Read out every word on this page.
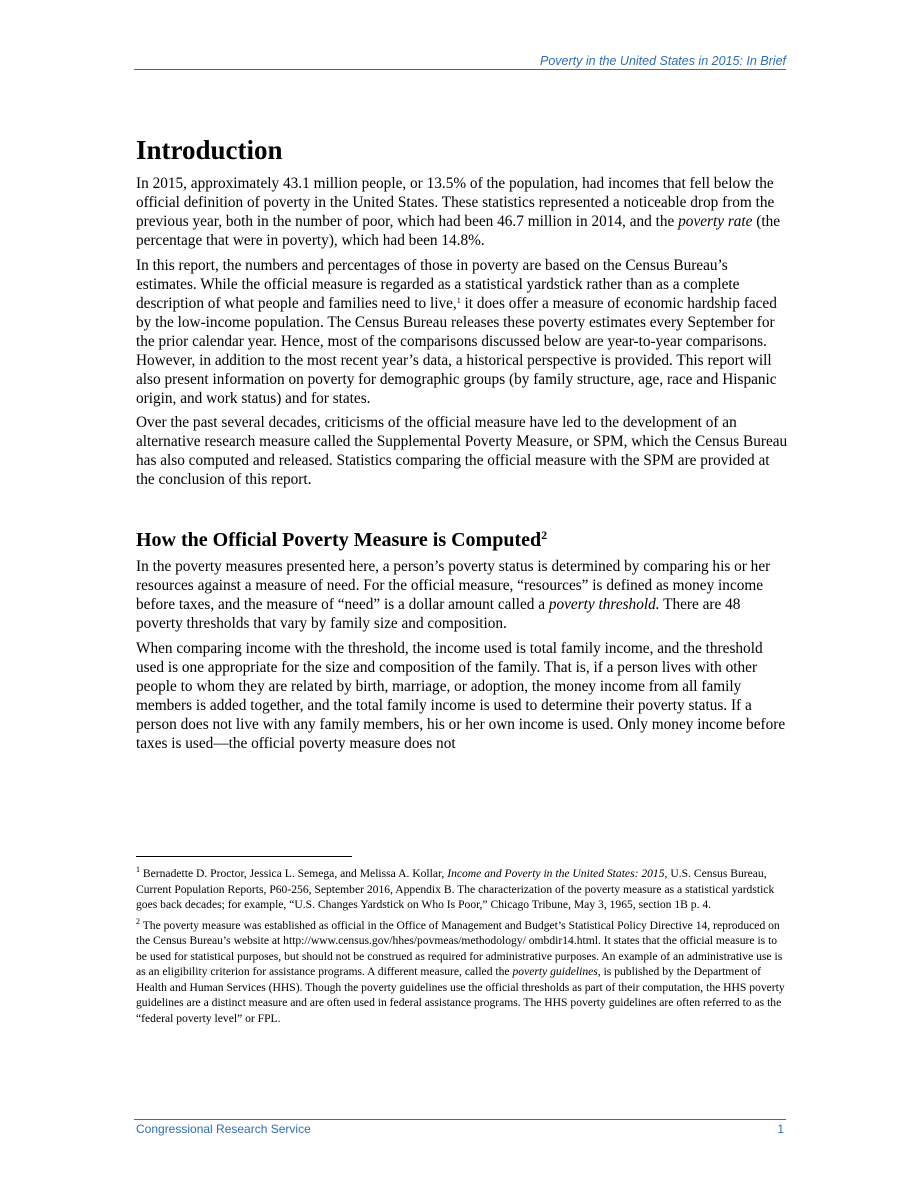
Poverty in the United States in 2015: In Brief
Introduction

In 2015, approximately 43.1 million people, or 13.5% of the population, had incomes that fell below the official definition of poverty in the United States. These statistics represented a noticeable drop from the previous year, both in the number of poor, which had been 46.7 million in 2014, and the poverty rate (the percentage that were in poverty), which had been 14.8%.

In this report, the numbers and percentages of those in poverty are based on the Census Bureau’s estimates. While the official measure is regarded as a statistical yardstick rather than as a complete description of what people and families need to live,$^1$ it does offer a measure of economic hardship faced by the low-income population. The Census Bureau releases these poverty estimates every September for the prior calendar year. Hence, most of the comparisons discussed below are year-to-year comparisons. However, in addition to the most recent year’s data, a historical perspective is provided. This report will also present information on poverty for demographic groups (by family structure, age, race and Hispanic origin, and work status) and for states.

Over the past several decades, criticisms of the official measure have led to the development of an alternative research measure called the Supplemental Poverty Measure, or SPM, which the Census Bureau has also computed and released. Statistics comparing the official measure with the SPM are provided at the conclusion of this report.

How the Official Poverty Measure is Computed$^2$

In the poverty measures presented here, a person’s poverty status is determined by comparing his or her resources against a measure of need. For the official measure, “resources” is defined as money income before taxes, and the measure of “need” is a dollar amount called a poverty threshold. There are 48 poverty thresholds that vary by family size and composition.

When comparing income with the threshold, the income used is total family income, and the threshold used is one appropriate for the size and composition of the family. That is, if a person lives with other people to whom they are related by birth, marriage, or adoption, the money income from all family members is added together, and the total family income is used to determine their poverty status. If a person does not live with any family members, his or her own income is used. Only money income before taxes is used—the official poverty measure does not

$^1$ Bernadette D. Proctor, Jessica L. Semega, and Melissa A. Kollar, Income and Poverty in the United States: 2015, U.S. Census Bureau, Current Population Reports, P60-256, September 2016, Appendix B. The characterization of the poverty measure as a statistical yardstick goes back decades; for example, “U.S. Changes Yardstick on Who Is Poor,” Chicago Tribune, May 3, 1965, section 1B p. 4.

$^2$ The poverty measure was established as official in the Office of Management and Budget’s Statistical Policy Directive 14, reproduced on the Census Bureau’s website at http://www.census.gov/hhes/povmeas/methodology/ ombdir14.html. It states that the official measure is to be used for statistical purposes, but should not be construed as required for administrative purposes. An example of an administrative use is as an eligibility criterion for assistance programs. A different measure, called the poverty guidelines, is published by the Department of Health and Human Services (HHS). Though the poverty guidelines use the official thresholds as part of their computation, the HHS poverty guidelines are a distinct measure and are often used in federal assistance programs. The HHS poverty guidelines are often referred to as the “federal poverty level” or FPL.

Congressional Research Service	1
